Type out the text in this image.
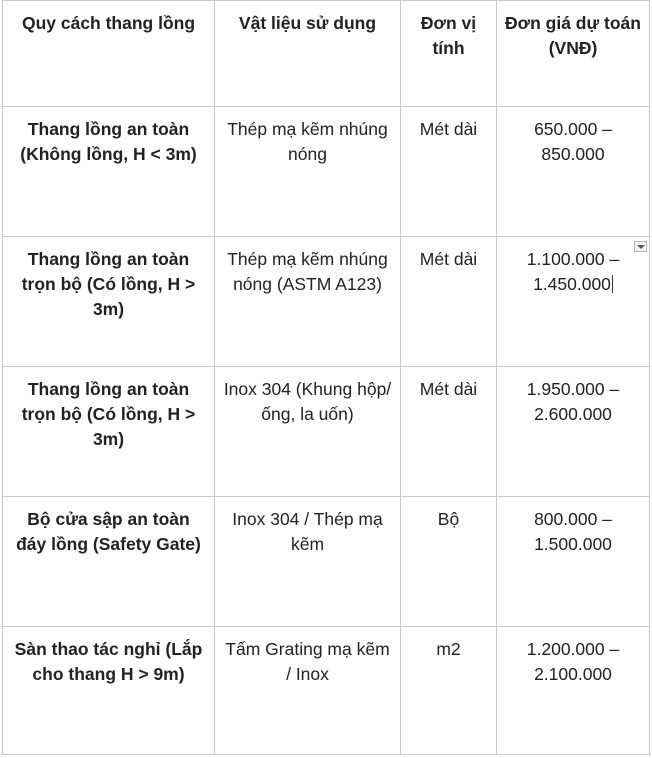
Quy cách thang lồng	Vật liệu sử dụng	Đơn vị tính	Đơn giá dự toán (VNĐ)
Thang lồng an toàn (Không lồng, H < 3m)	Thép mạ kẽm nhúng nóng	Mét dài	650.000 – 850.000
Thang lồng an toàn trọn bộ (Có lồng, H > 3m)	Thép mạ kẽm nhúng nóng (ASTM A123)	Mét dài	1.100.000 – 1.450.000

Thang lồng an toàn trọn bộ (Có lồng, H > 3m)	Inox 304 (Khung hộp/ống, la uốn)	Mét dài	1.950.000 – 2.600.000
Bộ cửa sập an toàn đáy lồng (Safety Gate)	Inox 304 / Thép mạ kẽm	Bộ	800.000 – 1.500.000
Sàn thao tác nghỉ (Lắp cho thang H > 9m)	Tấm Grating mạ kẽm / Inox	m2	1.200.000 – 2.100.000
